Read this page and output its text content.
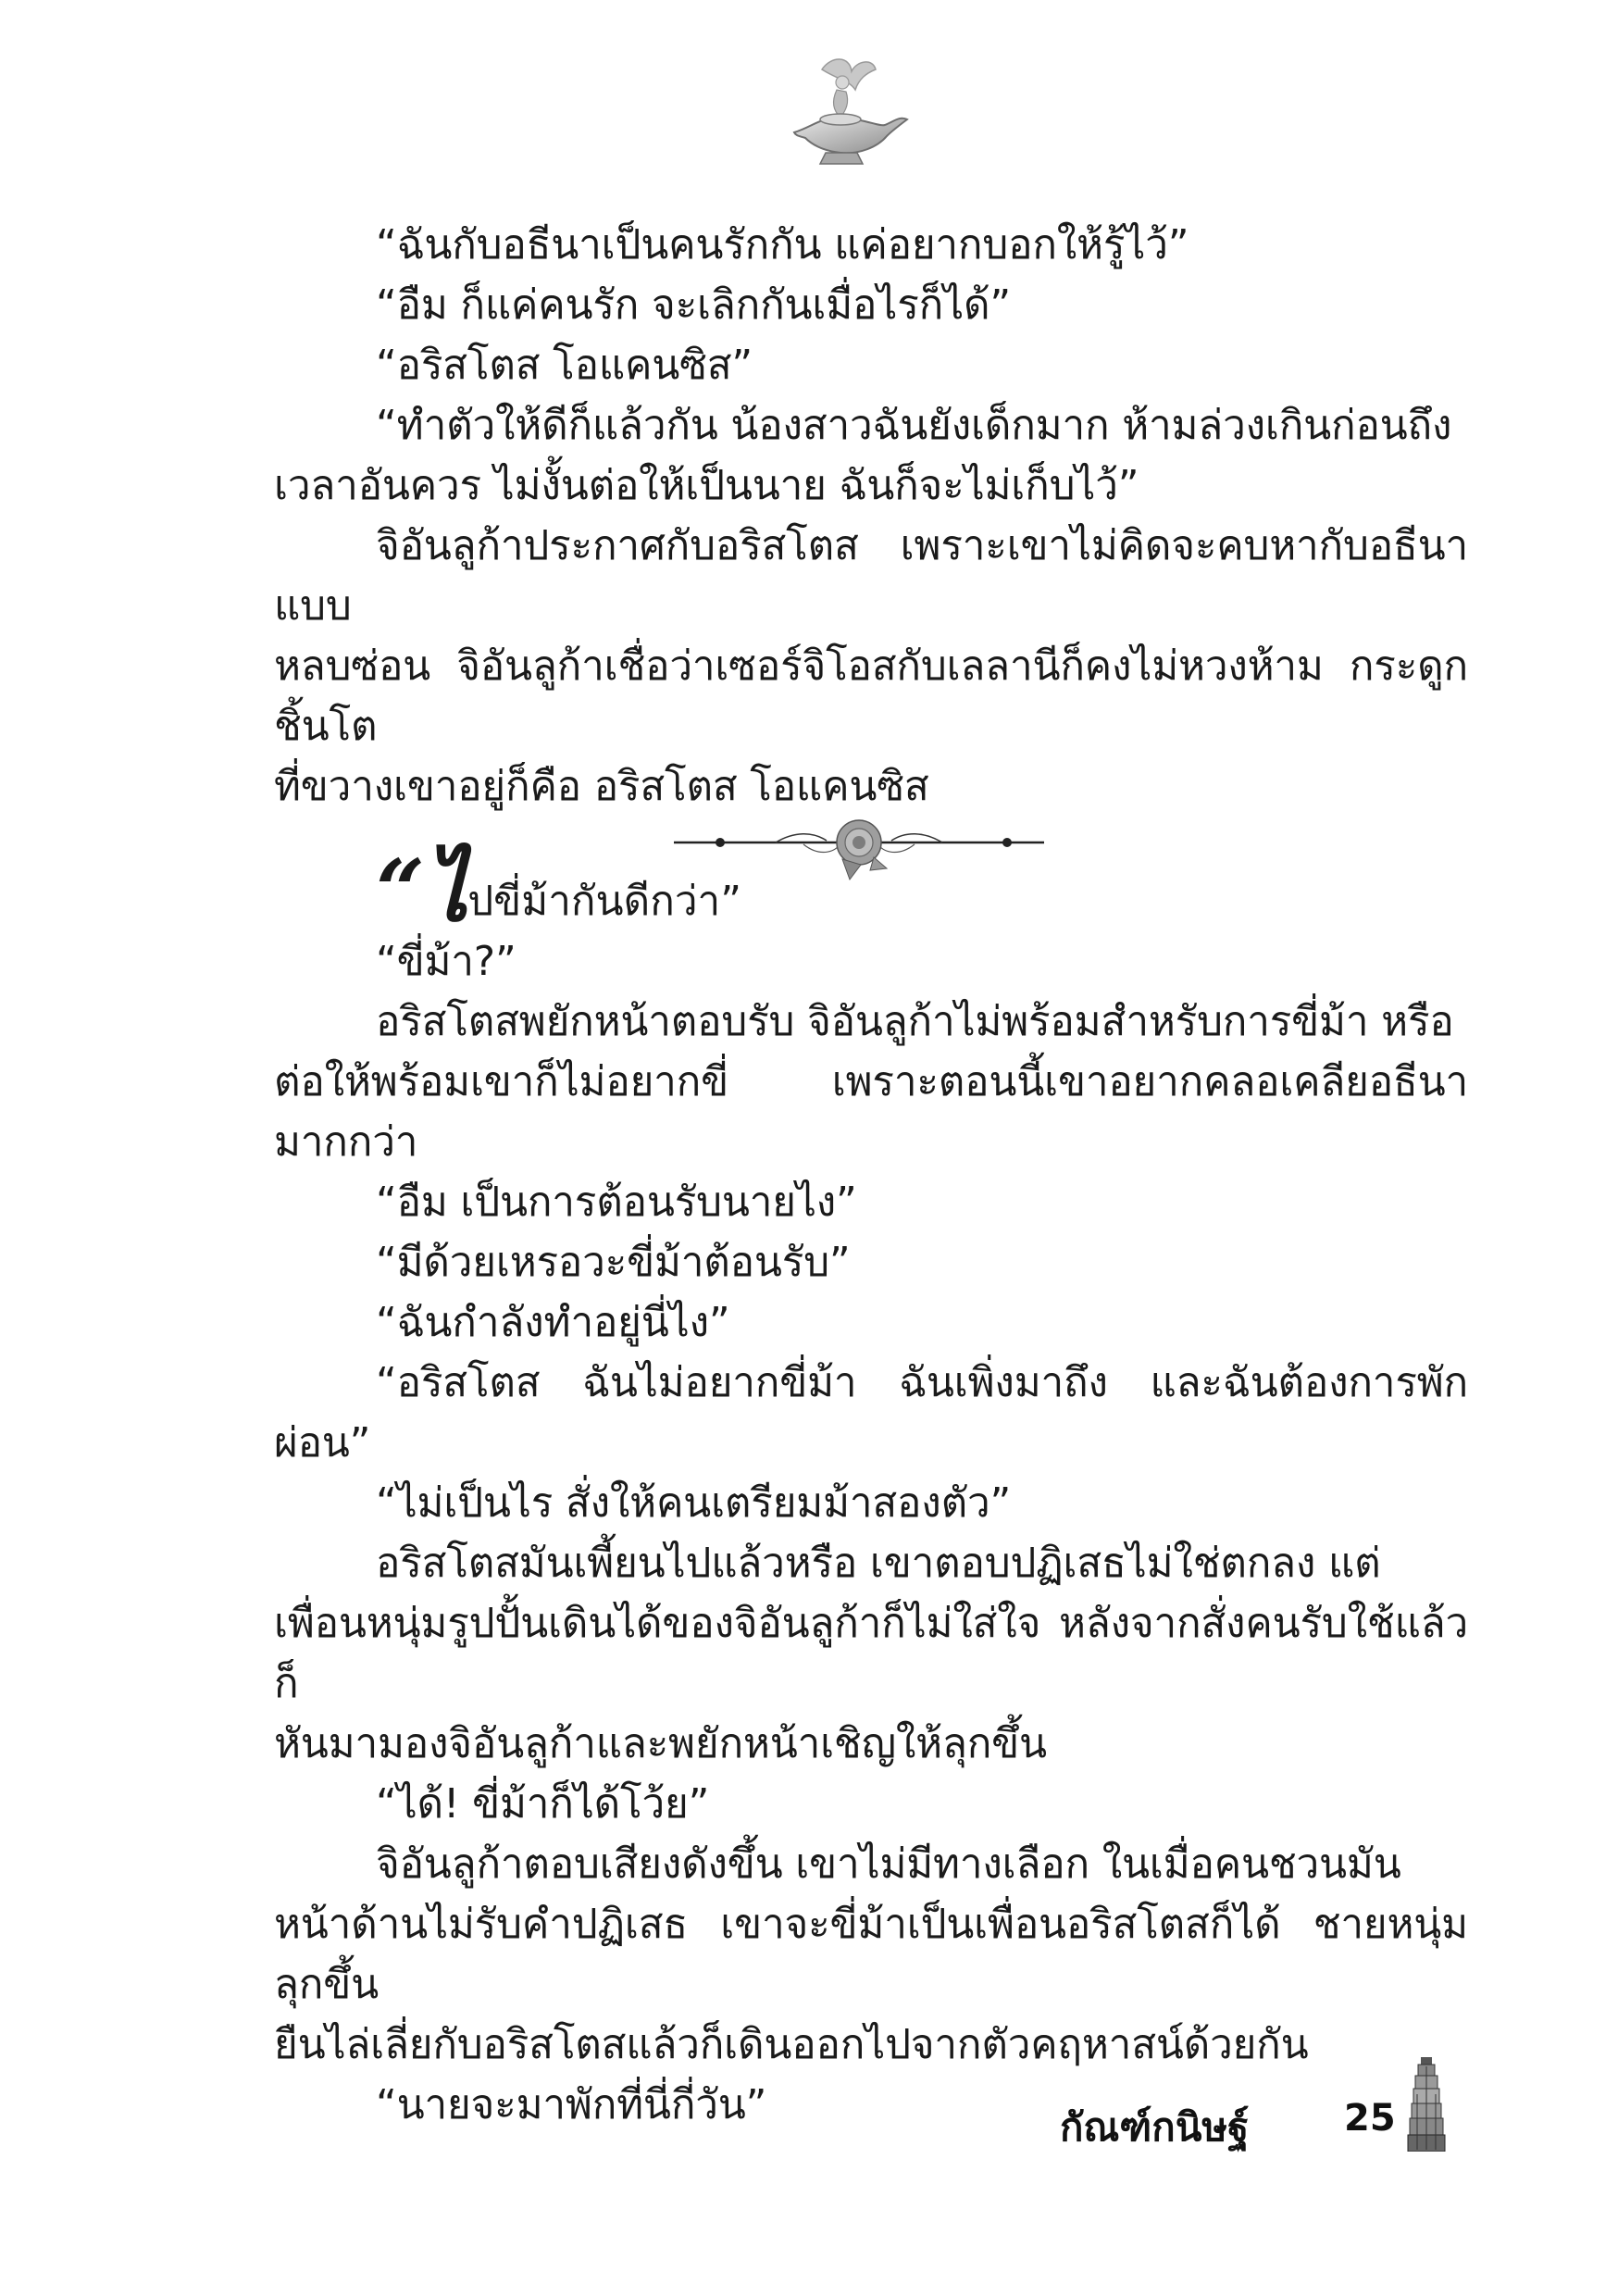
“ฉันกับอธีนาเป็นคนรักกัน แค่อยากบอกให้รู้ไว้”
“อืม ก็แค่คนรัก จะเลิกกันเมื่อไรก็ได้”
“อริสโตส โอแคนซิส”
“ทำตัวให้ดีก็แล้วกัน น้องสาวฉันยังเด็กมาก ห้ามล่วงเกินก่อนถึง
เวลาอันควร ไม่งั้นต่อให้เป็นนาย ฉันก็จะไม่เก็บไว้”
จิอันลูก้าประกาศกับอริสโตส เพราะเขาไม่คิดจะคบหากับอธีนาแบบ
หลบซ่อน จิอันลูก้าเชื่อว่าเซอร์จิโอสกับเลลานีก็คงไม่หวงห้าม กระดูกชิ้นโต
ที่ขวางเขาอยู่ก็คือ อริสโตส โอแคนซิส
“ไปขี่ม้ากันดีกว่า”
“ขี่ม้า?”
อริสโตสพยักหน้าตอบรับ จิอันลูก้าไม่พร้อมสำหรับการขี่ม้า หรือ
ต่อให้พร้อมเขาก็ไม่อยากขี่ เพราะตอนนี้เขาอยากคลอเคลียอธีนามากกว่า
“อืม เป็นการต้อนรับนายไง”
“มีด้วยเหรอวะขี่ม้าต้อนรับ”
“ฉันกำลังทำอยู่นี่ไง”
“อริสโตส ฉันไม่อยากขี่ม้า ฉันเพิ่งมาถึง และฉันต้องการพักผ่อน”
“ไม่เป็นไร สั่งให้คนเตรียมม้าสองตัว”
อริสโตสมันเพี้ยนไปแล้วหรือ เขาตอบปฏิเสธไม่ใช่ตกลง แต่
เพื่อนหนุ่มรูปปั้นเดินได้ของจิอันลูก้าก็ไม่ใส่ใจ หลังจากสั่งคนรับใช้แล้วก็
หันมามองจิอันลูก้าและพยักหน้าเชิญให้ลุกขึ้น
“ได้! ขี่ม้าก็ได้โว้ย”
จิอันลูก้าตอบเสียงดังขึ้น เขาไม่มีทางเลือก ในเมื่อคนชวนมัน
หน้าด้านไม่รับคำปฏิเสธ เขาจะขี่ม้าเป็นเพื่อนอริสโตสก็ได้ ชายหนุ่มลุกขึ้น
ยืนไล่เลี่ยกับอริสโตสแล้วก็เดินออกไปจากตัวคฤหาสน์ด้วยกัน
“นายจะมาพักที่นี่กี่วัน”	กัณฑ์กนิษฐ์	25
